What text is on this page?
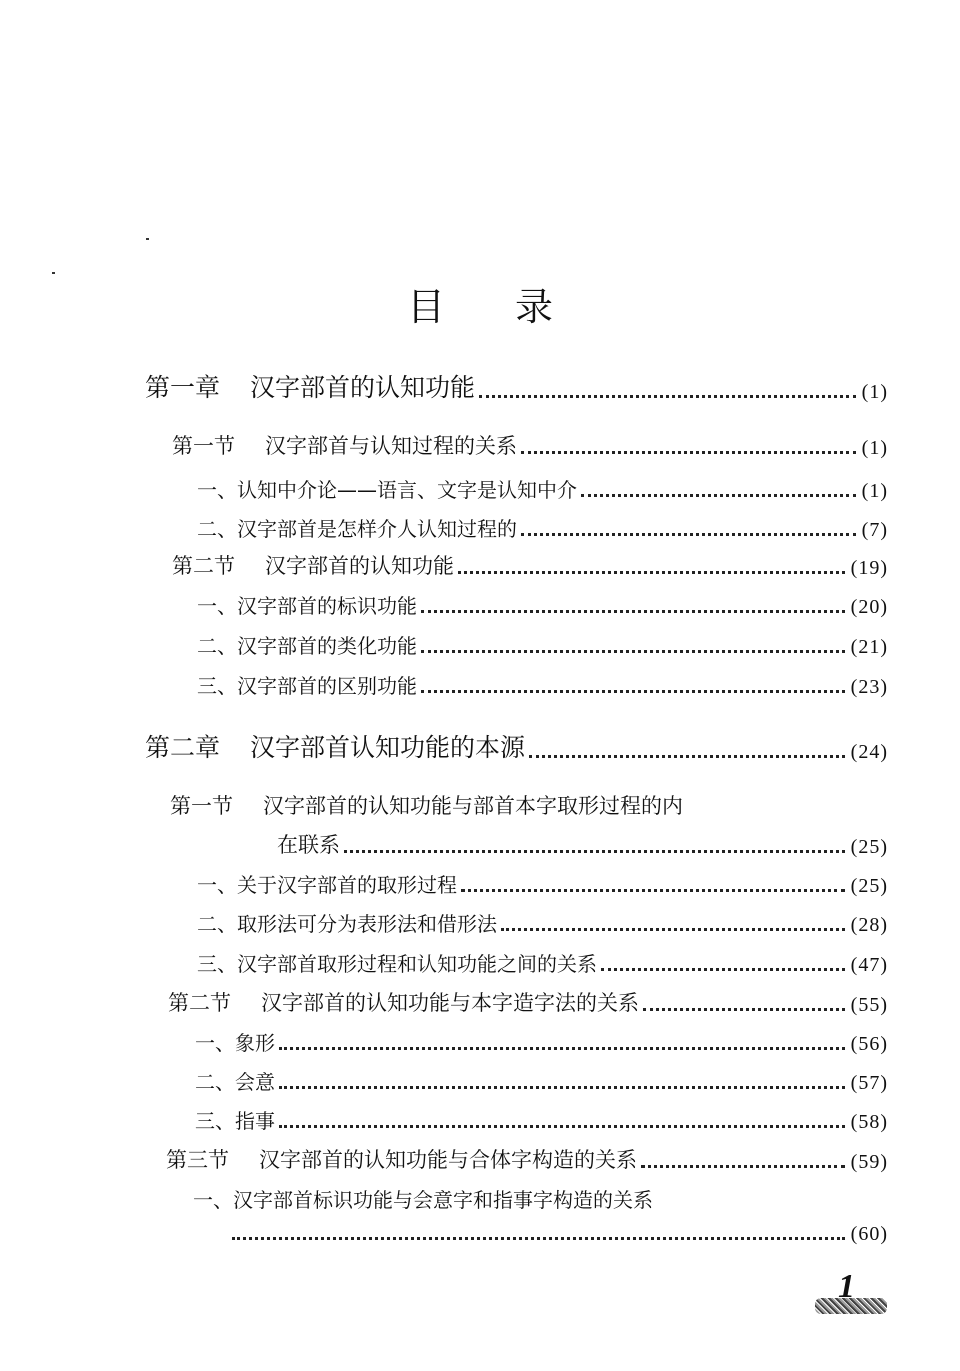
目 录
第一章 汉字部首的认知功能	(1)
第一节 汉字部首与认知过程的关系	(1)
一、认知中介论——语言、文字是认知中介	(1)
二、汉字部首是怎样介人认知过程的	(7)
第二节 汉字部首的认知功能	(19)
一、汉字部首的标识功能	(20)
二、汉字部首的类化功能	(21)
三、汉字部首的区别功能	(23)
第二章 汉字部首认知功能的本源	(24)
第一节 汉字部首的认知功能与部首本字取形过程的内
在联系	(25)
一、关于汉字部首的取形过程	(25)
二、取形法可分为表形法和借形法	(28)
三、汉字部首取形过程和认知功能之间的关系	(47)
第二节 汉字部首的认知功能与本字造字法的关系	(55)
一、象形	(56)
二、会意	(57)
三、指事	(58)
第三节 汉字部首的认知功能与合体字构造的关系	(59)
一、汉字部首标识功能与会意字和指事字构造的关系
(60)
1
